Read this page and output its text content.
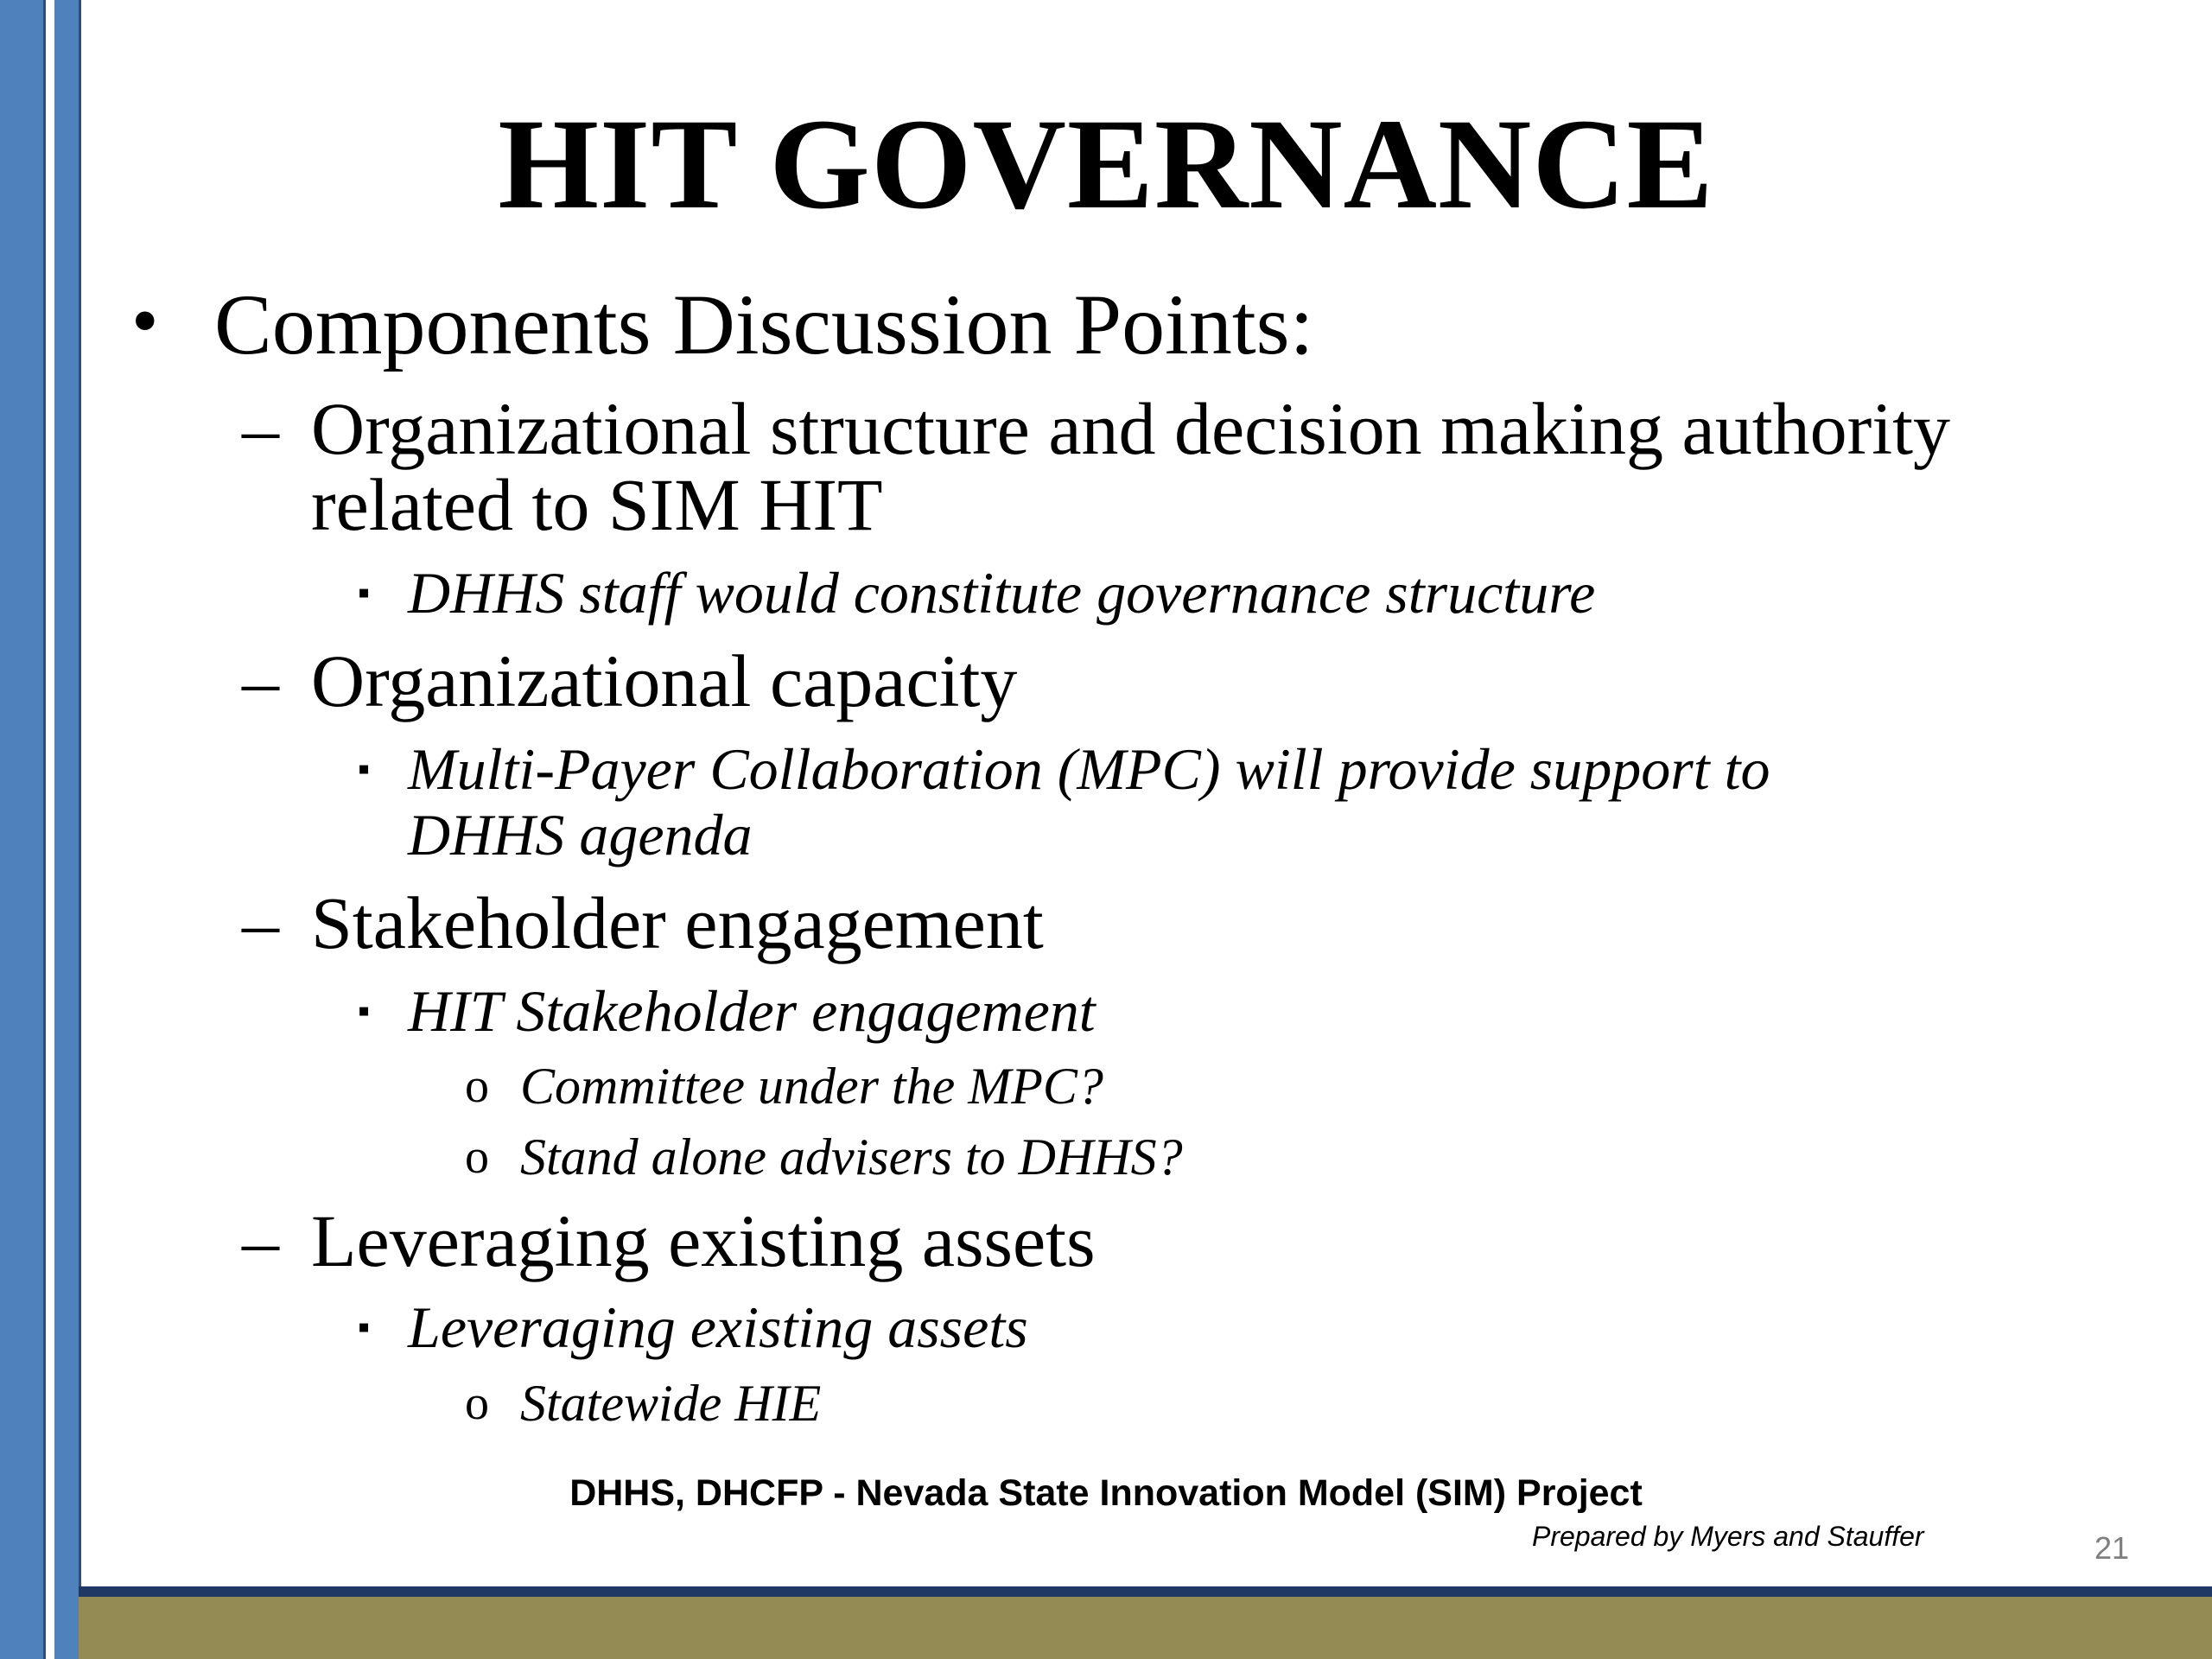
HIT GOVERNANCE
• Components Discussion Points:
– Organizational structure and decision making authority
related to SIM HIT
▪ DHHS staff would constitute governance structure
– Organizational capacity
▪ Multi-Payer Collaboration (MPC) will provide support to
DHHS agenda
– Stakeholder engagement
▪ HIT Stakeholder engagement
o Committee under the MPC?
o Stand alone advisers to DHHS?
– Leveraging existing assets
▪ Leveraging existing assets
o Statewide HIE
DHHS, DHCFP - Nevada State Innovation Model (SIM) Project
Prepared by Myers and Stauffer	21
